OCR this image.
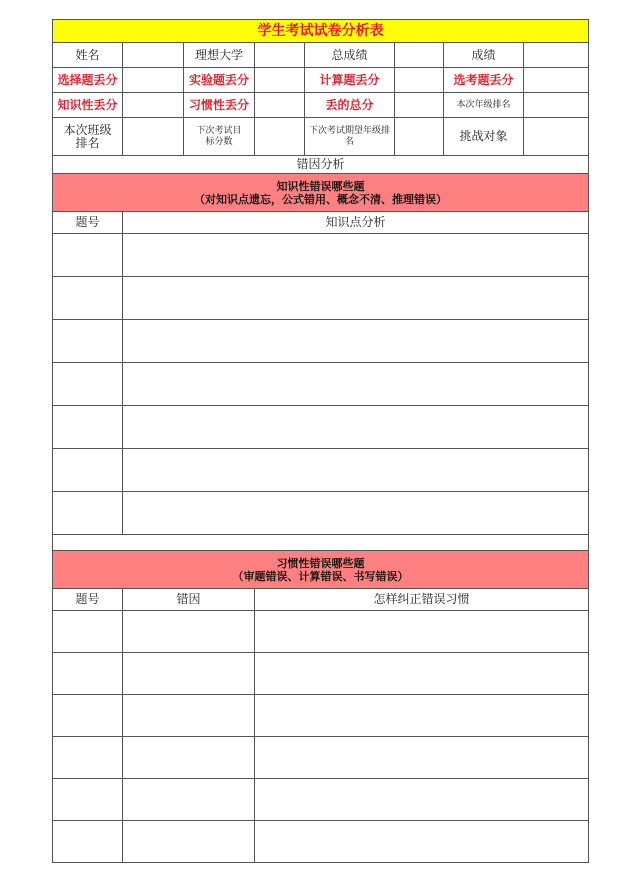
学生考试试卷分析表							
姓名		理想大学		总成绩		成绩	
选择题丢分		实验题丢分		计算题丢分		选考题丢分	
知识性丢分		习惯性丢分		丢的总分		本次年级排名	
本次班级排名		下次考试目标分数		下次考试期望年级排名		挑战对象	
错因分析							

知识性错误哪些题
（对知识点遗忘，公式错用、概念不清、推理错误）							

题号	知识点分析						

习惯性错误哪些题
（审题错误、计算错误、书写错误）							

题号	错因		怎样纠正错误习惯				
